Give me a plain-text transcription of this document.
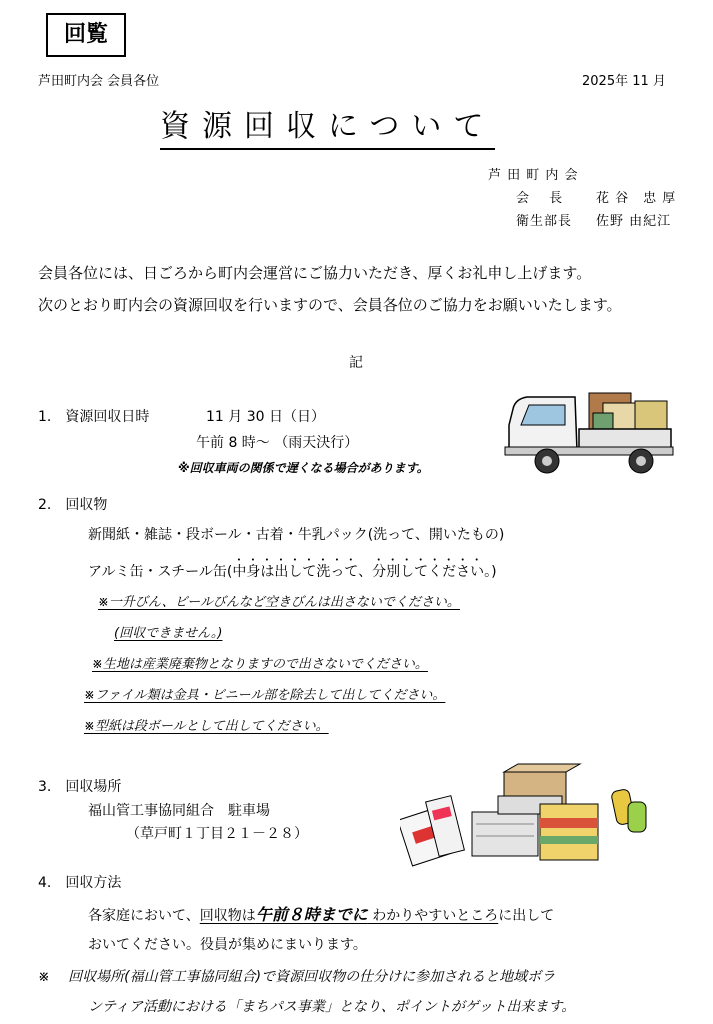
回覧
芦田町内会 会員各位	2025年 11 月
資源回収について
芦 田 町 内 会
会　 長	花 谷　忠 厚
衛生部長 佐野 由紀江
会員各位には、日ごろから町内会運営にご協力いただき、厚くお礼申し上げます。
次のとおり町内会の資源回収を行いますので、会員各位のご協力をお願いいたします。
記
1.　資源回収日時	11 月 30 日（日）
午前 8 時～ （雨天決行）
※回収車両の関係で遅くなる場合があります。
2.　回収物
新聞紙・雑誌・段ボール・古着・牛乳パック(洗って、開いたもの)
アルミ缶・スチール缶(中身は出して洗って、分別してください。)
※一升びん、ビールびんなど空きびんは出さないでください。
(回収できません。)
※生地は産業廃棄物となりますので出さないでください。
※ファイル類は金具・ビニール部を除去して出してください。
※型紙は段ボールとして出してください。
3.　回収場所
福山管工事協同組合　駐車場
（草戸町１丁目２１－２８）
4.　回収方法
各家庭において、回収物は午前８時までに わかりやすいところに出して
おいてください。役員が集めにまいります。
※　 回収場所(福山管工事協同組合)で資源回収物の仕分けに参加されると地域ボラ
ンティア活動における「まちパス事業」となり、ポイントがゲット出来ます。
